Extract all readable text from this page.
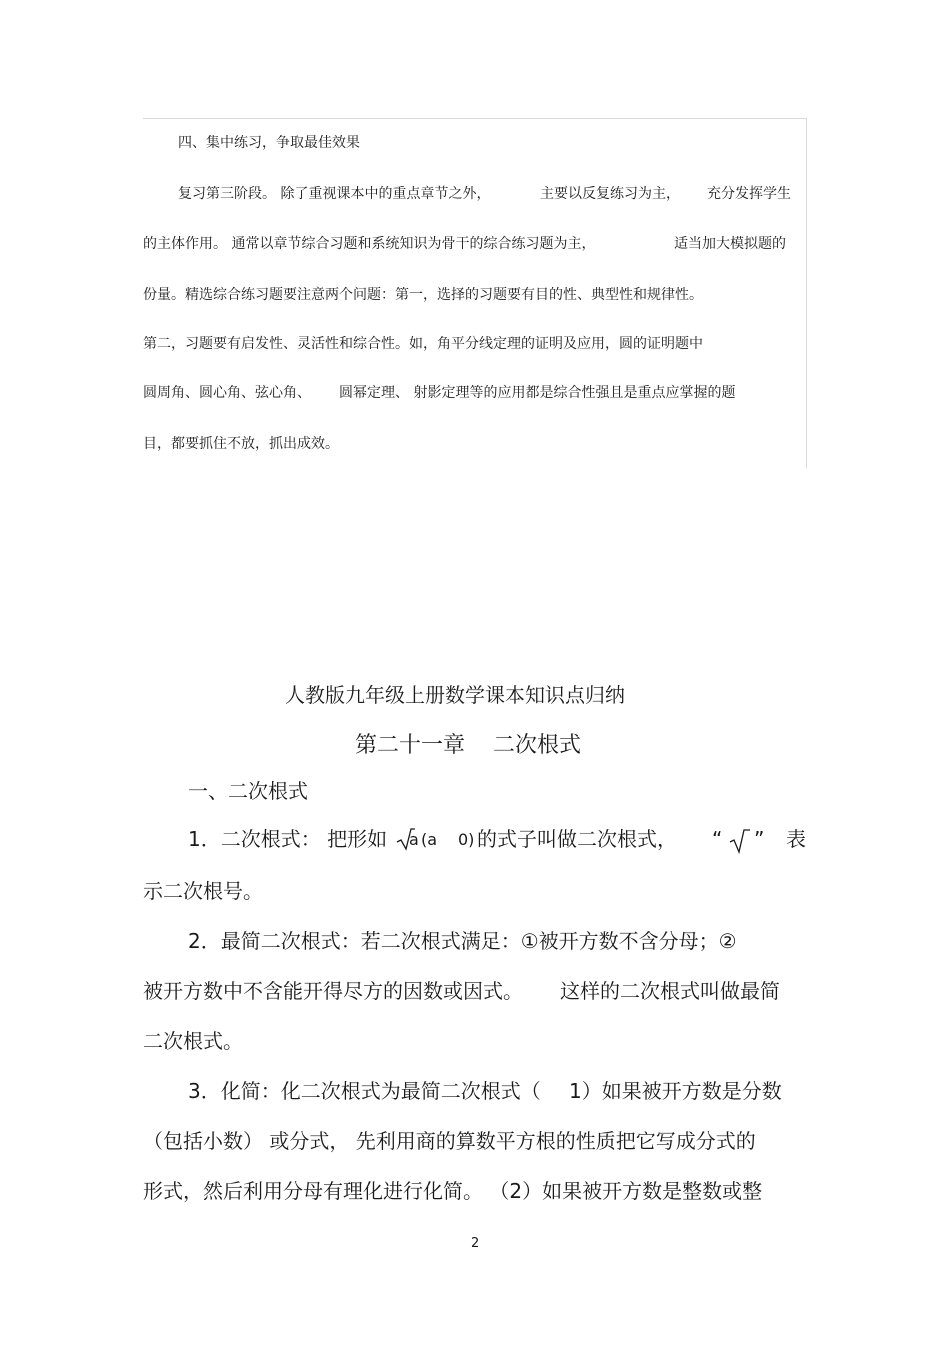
四、集中练习，争取最佳效果
复习第三阶段。 除了重视课本中的重点章节之外，	主要以反复练习为主， 充分发挥学生
的主体作用。 通常以章节综合习题和系统知识为骨干的综合练习题为主，	适当加大模拟题的
份量。精选综合练习题要注意两个问题：第一，选择的习题要有目的性、典型性和规律性。
第二，习题要有启发性、灵活性和综合性。如，角平分线定理的证明及应用，圆的证明题中
圆周角、圆心角、弦心角、 圆幂定理、 射影定理等的应用都是综合性强且是重点应掌握的题
目，都要抓住不放，抓出成效。
人教版九年级上册数学课本知识点归纳
第二十一章    二次根式
一、二次根式
1．二次根式： 把形如

a

(a 0) 的式子叫做二次根式， “ ” 表
示二次根号。
2．最简二次根式：若二次根式满足：①被开方数不含分母；②
被开方数中不含能开得尽方的因数或因式。 这样的二次根式叫做最简
二次根式。
3．化简：化二次根式为最简二次根式（ 1）如果被开方数是分数
（包括小数） 或分式， 先利用商的算数平方根的性质把它写成分式的
形式，然后利用分母有理化进行化简。 （2）如果被开方数是整数或整
2
